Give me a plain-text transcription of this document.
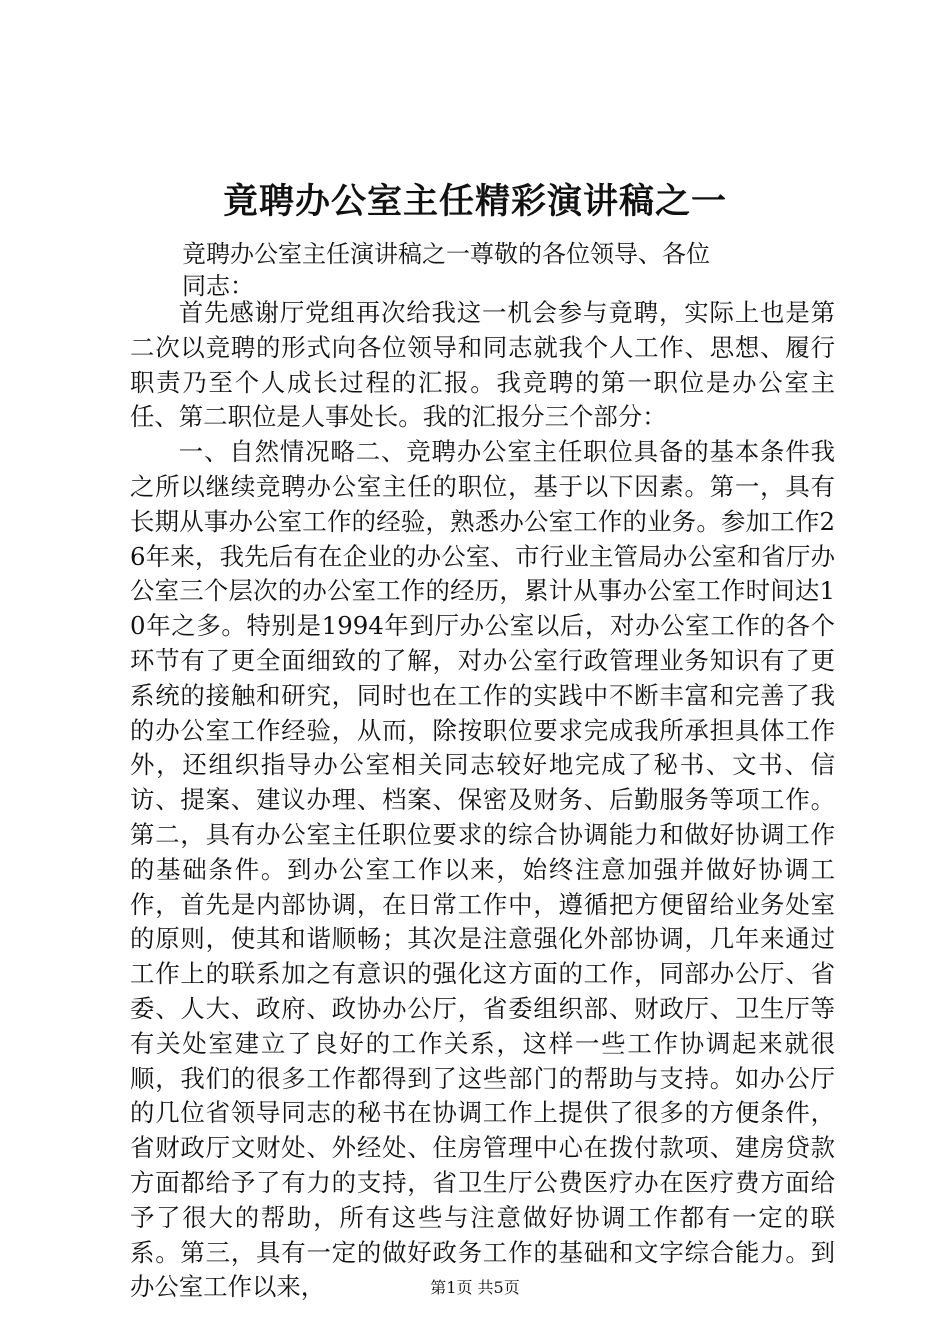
竟聘办公室主任精彩演讲稿之一
竟聘办公室主任演讲稿之一尊敬的各位领导、各位
同志：

首先感谢厅党组再次给我这一机会参与竟聘，实际上也是第二次以竞聘的形式向各位领导和同志就我个人工作、思想、履行职责乃至个人成长过程的汇报。我竞聘的第一职位是办公室主任、第二职位是人事处长。我的汇报分三个部分：

一、自然情况略二、竞聘办公室主任职位具备的基本条件我之所以继续竞聘办公室主任的职位，基于以下因素。第一，具有长期从事办公室工作的经验，熟悉办公室工作的业务。参加工作26年来，我先后有在企业的办公室、市行业主管局办公室和省厅办公室三个层次的办公室工作的经历，累计从事办公室工作时间达10年之多。特别是1994年到厅办公室以后，对办公室工作的各个环节有了更全面细致的了解，对办公室行政管理业务知识有了更系统的接触和研究，同时也在工作的实践中不断丰富和完善了我的办公室工作经验，从而，除按职位要求完成我所承担具体工作外，还组织指导办公室相关同志较好地完成了秘书、文书、信访、提案、建议办理、档案、保密及财务、后勤服务等项工作。第二，具有办公室主任职位要求的综合协调能力和做好协调工作的基础条件。到办公室工作以来，始终注意加强并做好协调工作，首先是内部协调，在日常工作中，遵循把方便留给业务处室的原则，使其和谐顺畅；其次是注意强化外部协调，几年来通过工作上的联系加之有意识的强化这方面的工作，同部办公厅、省委、人大、政府、政协办公厅，省委组织部、财政厅、卫生厅等有关处室建立了良好的工作关系，这样一些工作协调起来就很顺，我们的很多工作都得到了这些部门的帮助与支持。如办公厅的几位省领导同志的秘书在协调工作上提供了很多的方便条件，省财政厅文财处、外经处、住房管理中心在拨付款项、建房贷款方面都给予了有力的支持，省卫生厅公费医疗办在医疗费方面给予了很大的帮助，所有这些与注意做好协调工作都有一定的联系。第三，具有一定的做好政务工作的基础和文字综合能力。到办公室工作以来，	第1页 共5页
